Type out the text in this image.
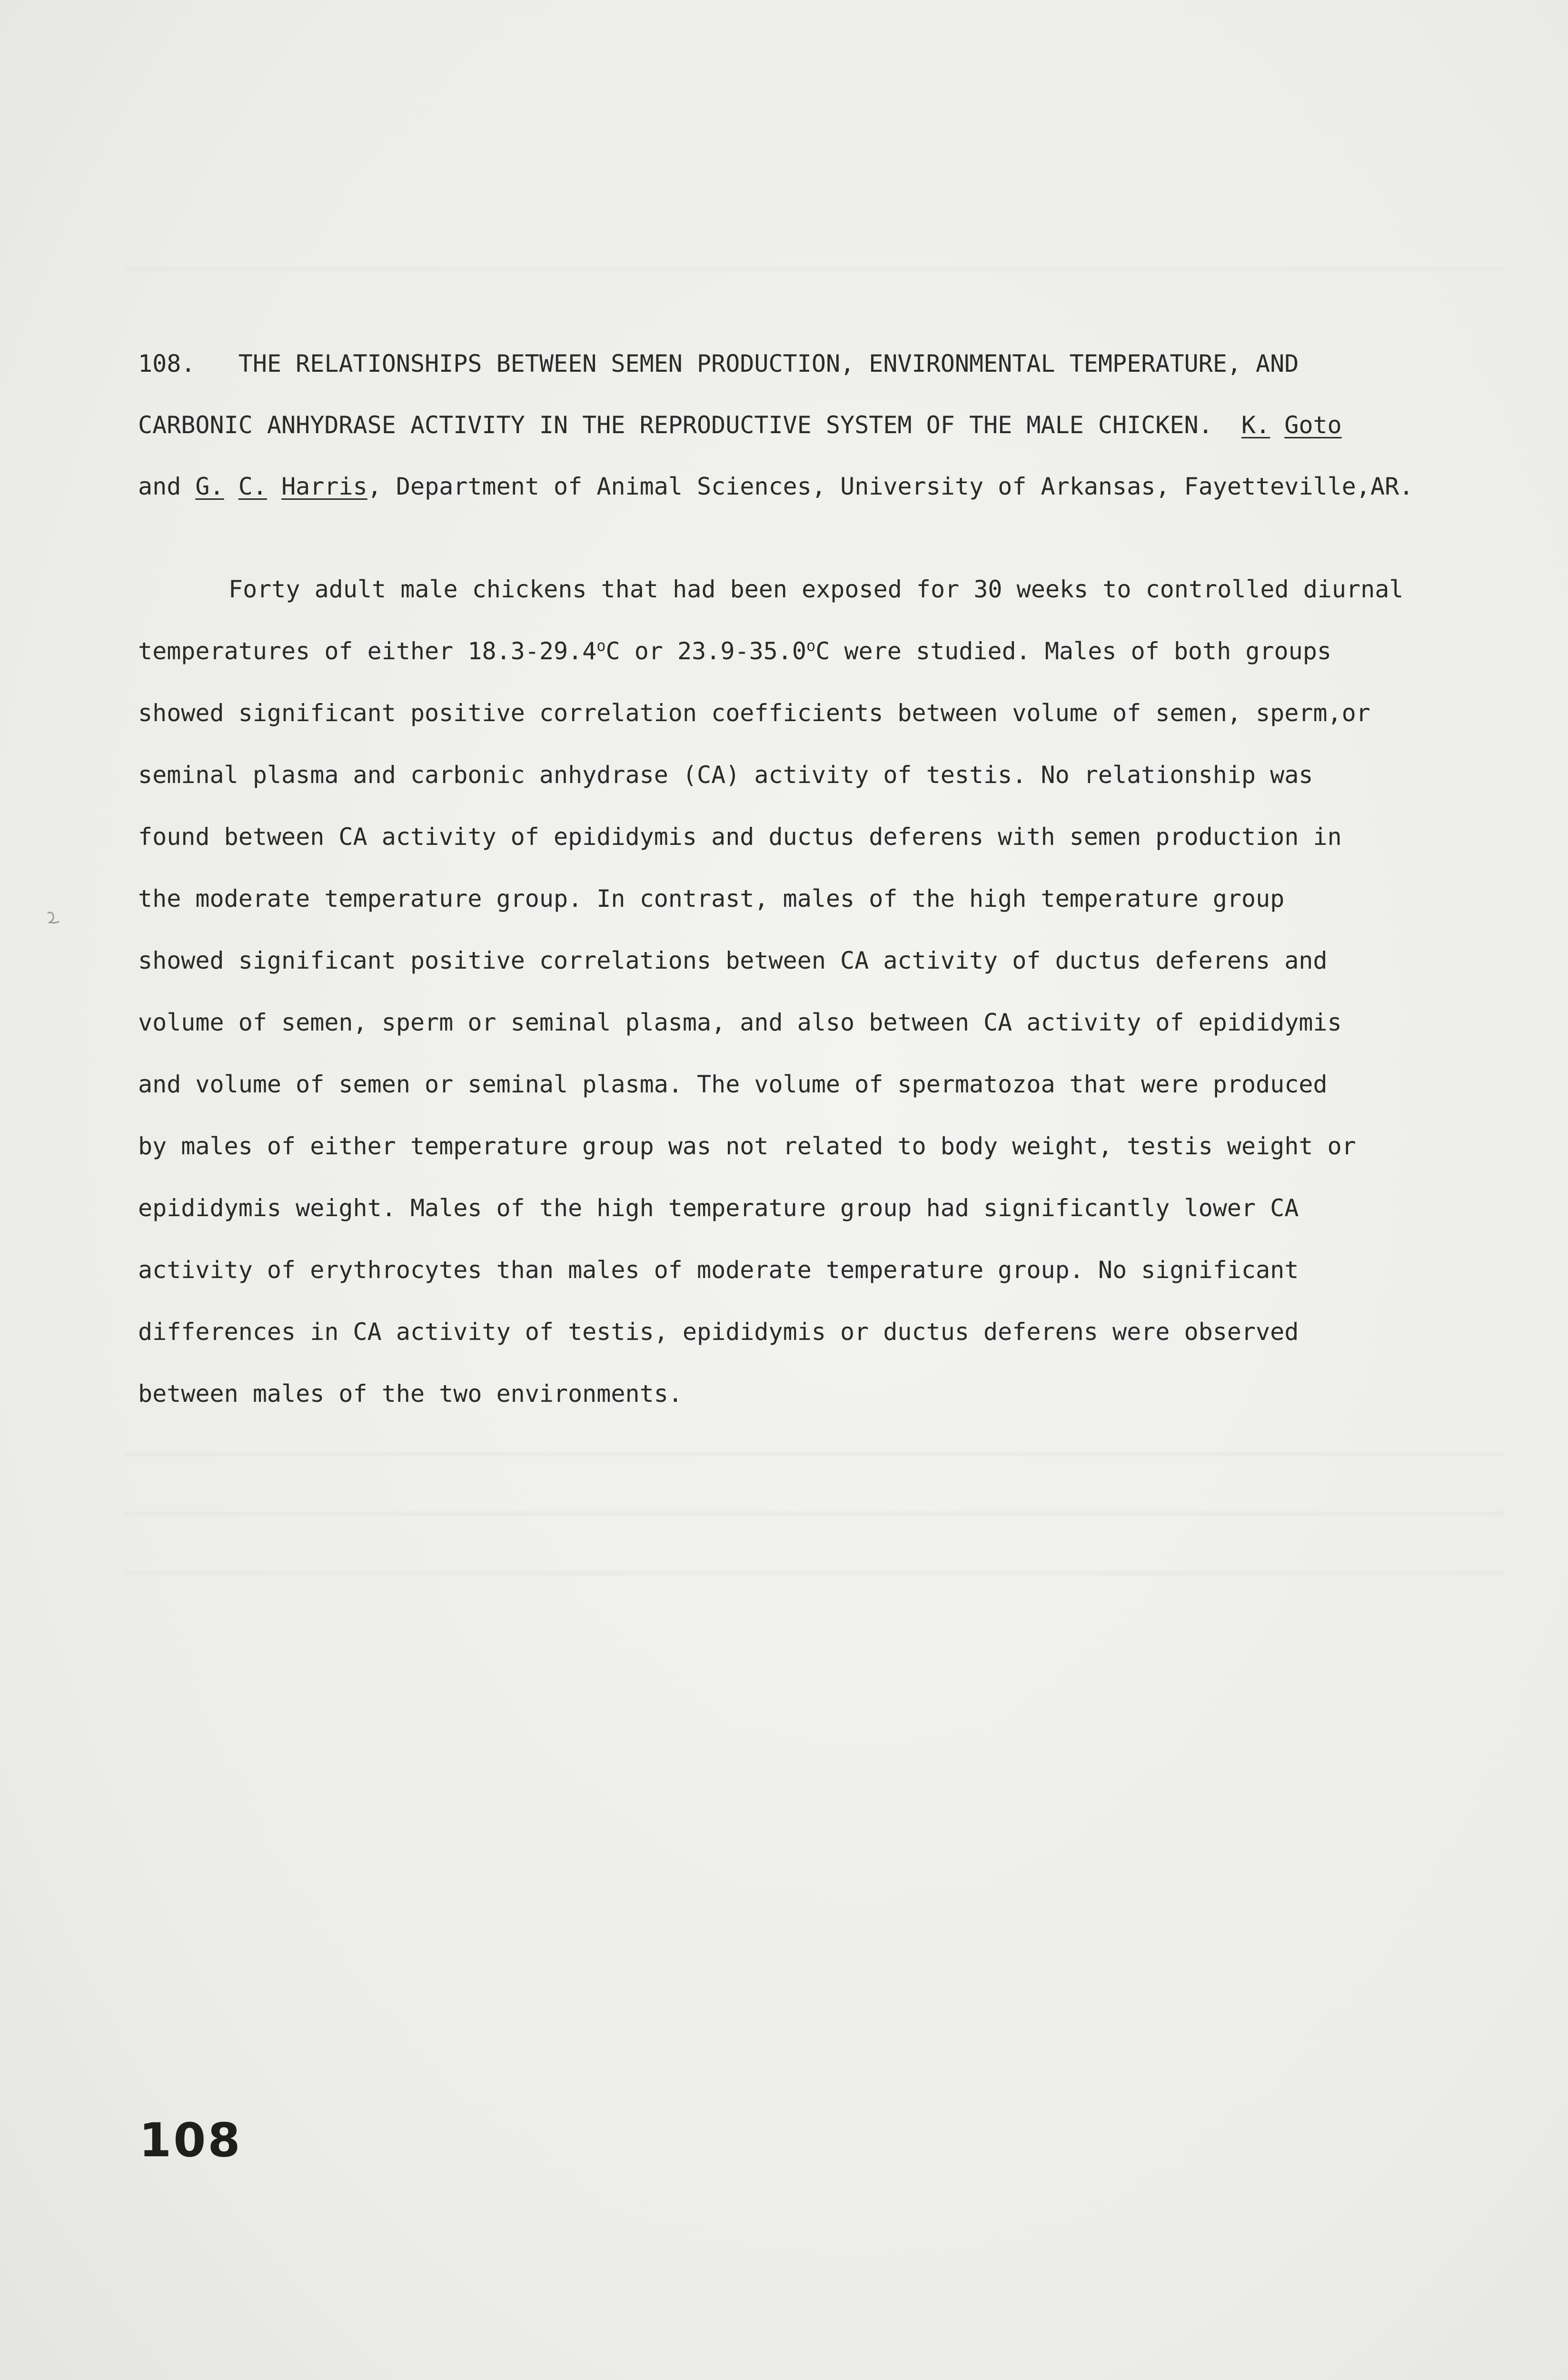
108. THE RELATIONSHIPS BETWEEN SEMEN PRODUCTION, ENVIRONMENTAL TEMPERATURE, AND
CARBONIC ANHYDRASE ACTIVITY IN THE REPRODUCTIVE SYSTEM OF THE MALE CHICKEN. K. Goto
and G. C. Harris, Department of Animal Sciences, University of Arkansas, Fayetteville,AR.
Forty adult male chickens that had been exposed for 30 weeks to controlled diurnal
temperatures of either 18.3-29.4$^o$C or 23.9-35.0$^o$C were studied. Males of both groups
showed significant positive correlation coefficients between volume of semen, sperm,or
seminal plasma and carbonic anhydrase (CA) activity of testis. No relationship was
found between CA activity of epididymis and ductus deferens with semen production in
the moderate temperature group. In contrast, males of the high temperature group
showed significant positive correlations between CA activity of ductus deferens and
volume of semen, sperm or seminal plasma, and also between CA activity of epididymis
and volume of semen or seminal plasma. The volume of spermatozoa that were produced
by males of either temperature group was not related to body weight, testis weight or
epididymis weight. Males of the high temperature group had significantly lower CA
activity of erythrocytes than males of moderate temperature group. No significant
differences in CA activity of testis, epididymis or ductus deferens were observed
between males of the two environments.
108
